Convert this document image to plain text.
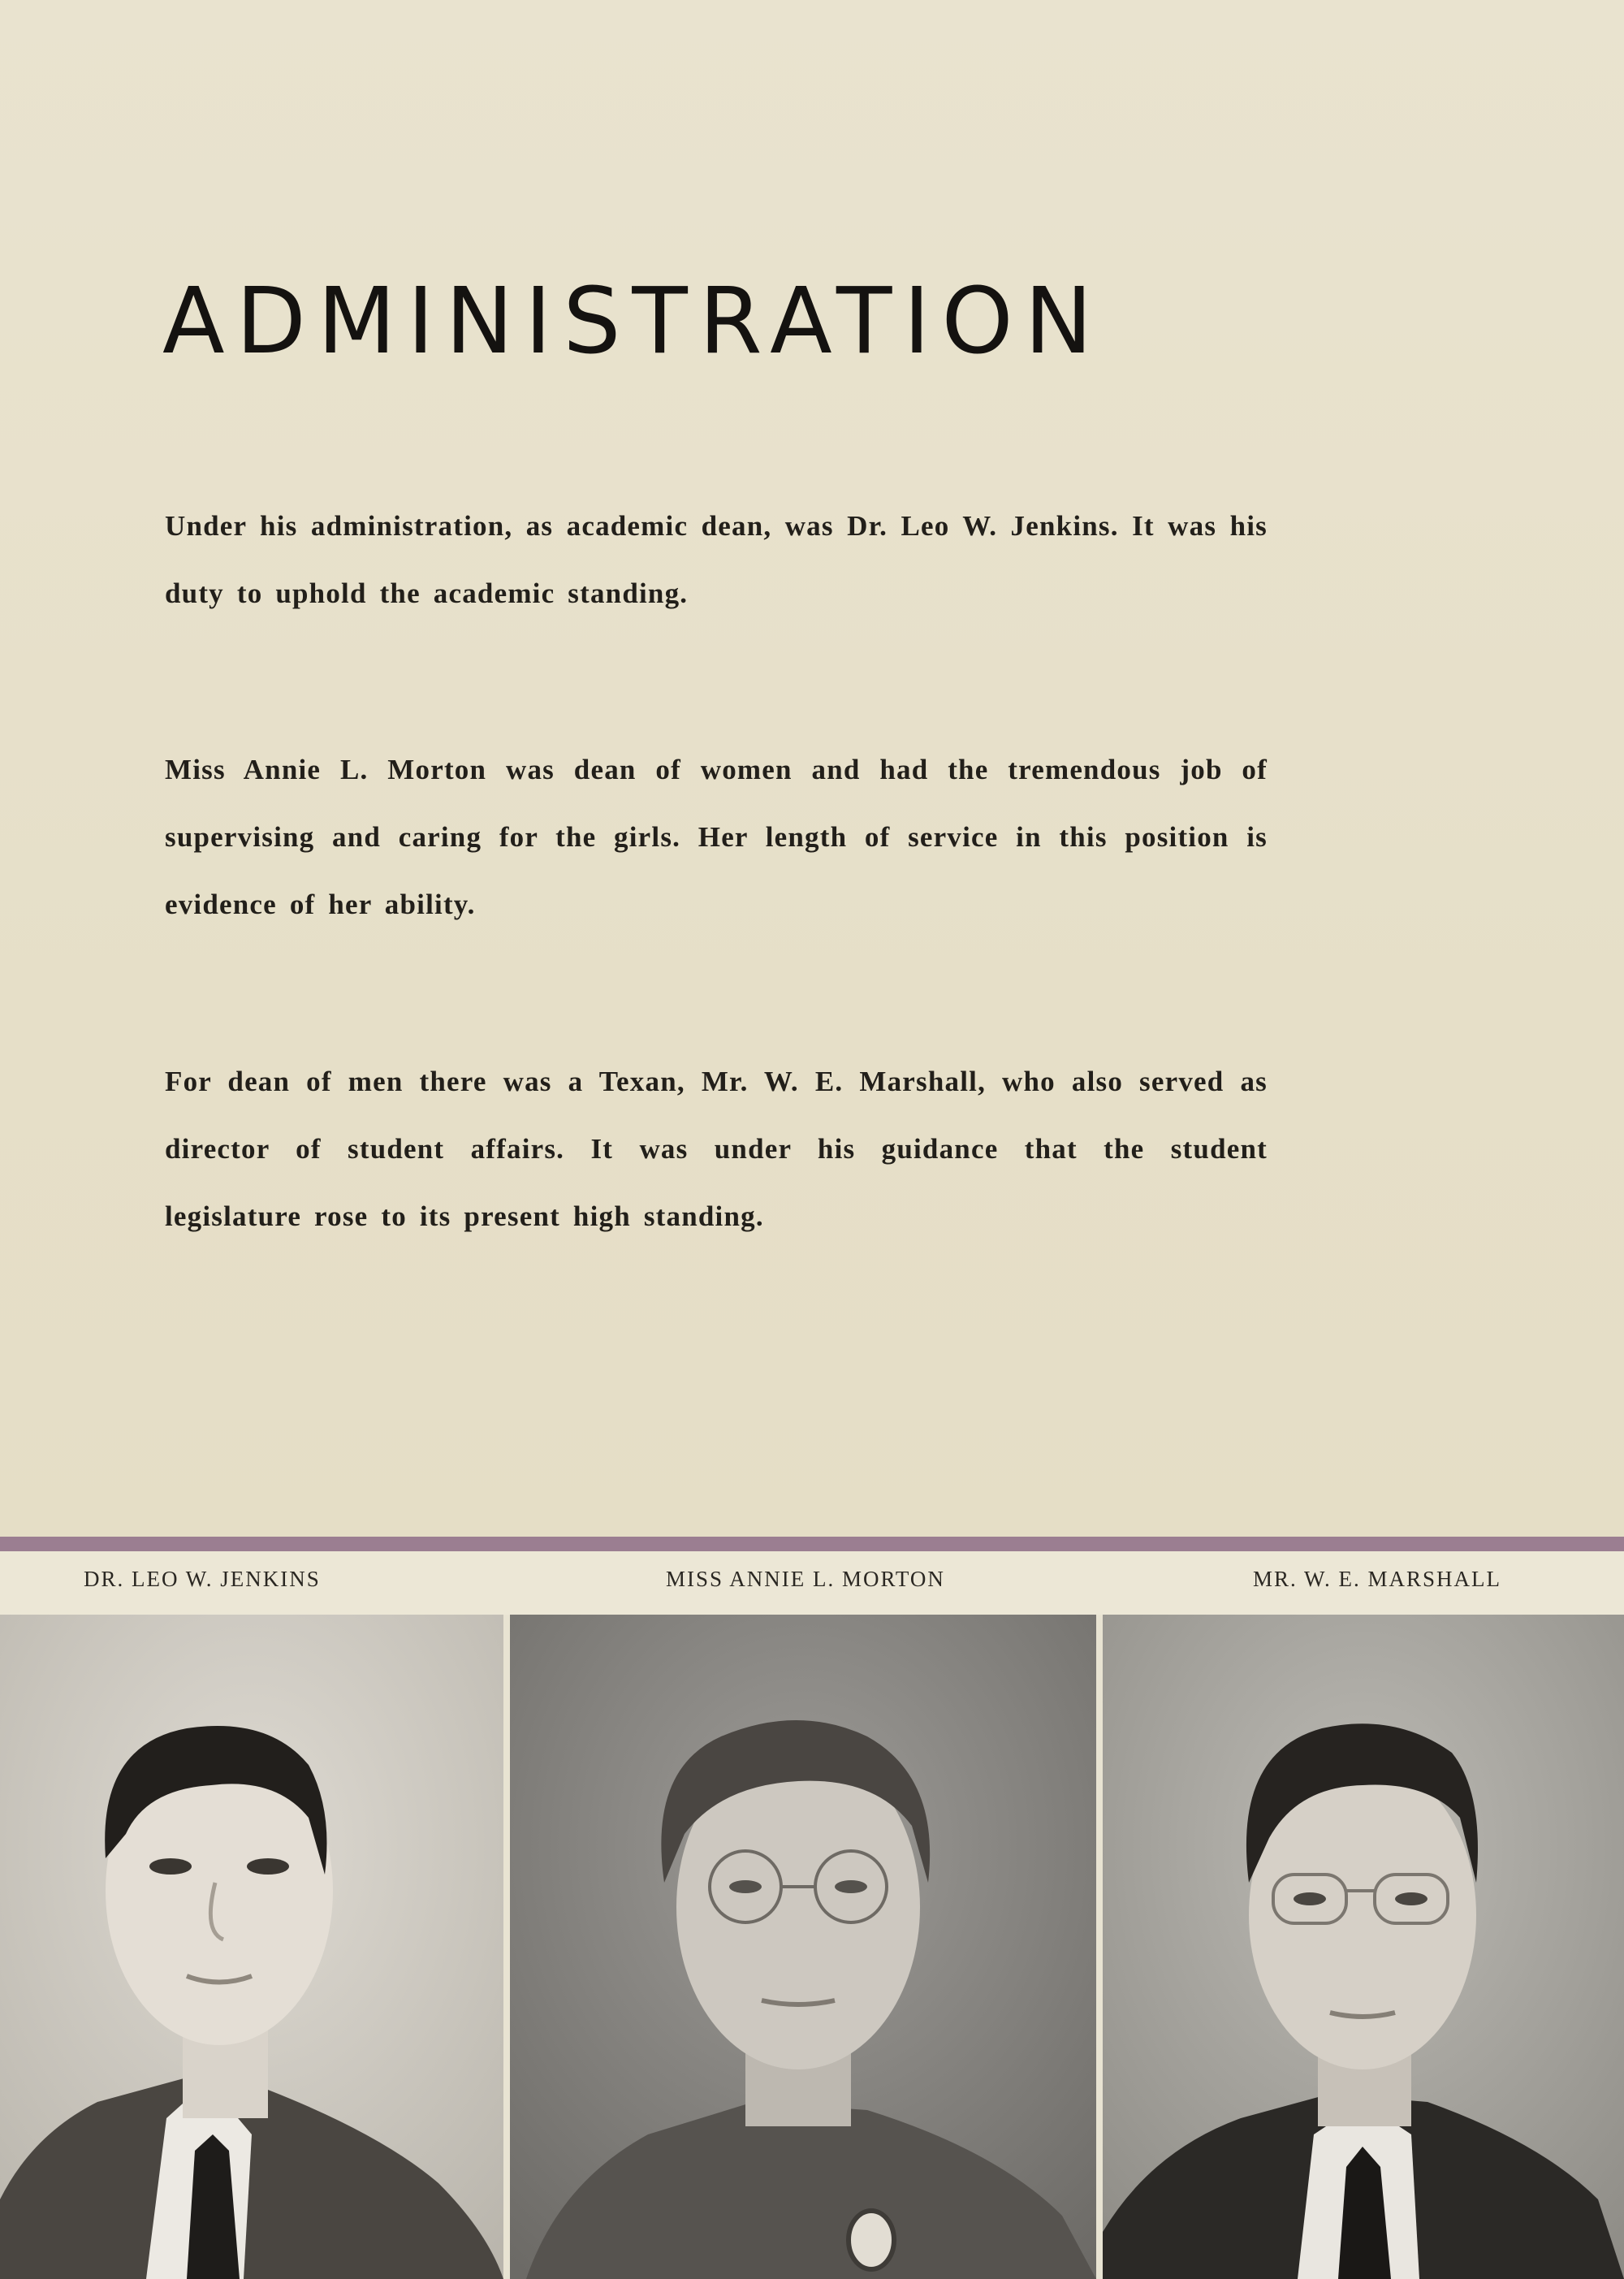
ADMINISTRATION

Under his administration, as academic dean, was Dr. Leo W. Jenkins. It was his duty to uphold the academic standing.

Miss Annie L. Morton was dean of women and had the tremendous job of supervising and caring for the girls. Her length of service in this position is evidence of her ability.

For dean of men there was a Texan, Mr. W. E. Marshall, who also served as director of student affairs. It was under his guidance that the student legislature rose to its present high standing.

DR. LEO W. JENKINS	MISS ANNIE L. MORTON	MR. W. E. MARSHALL
